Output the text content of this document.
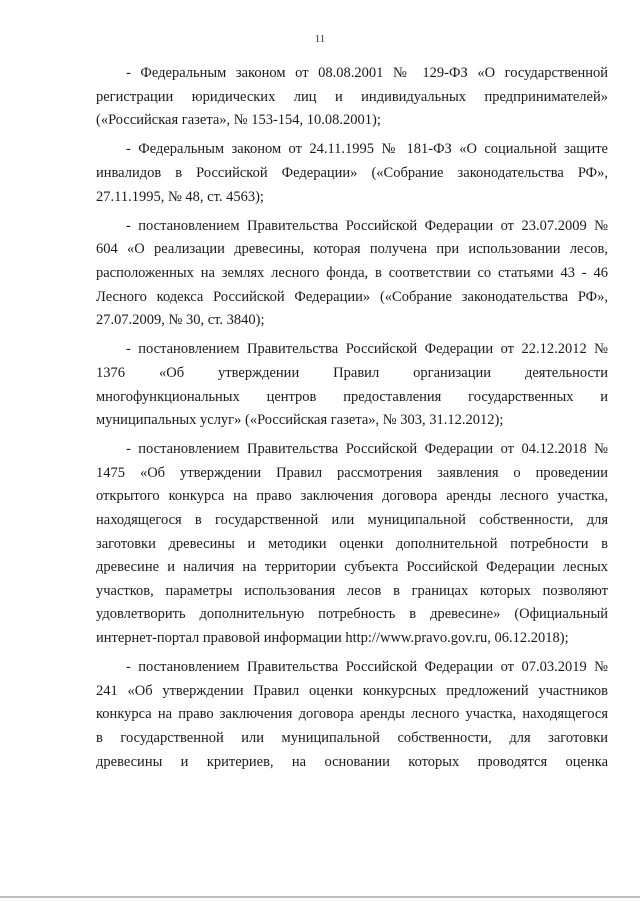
11
- Федеральным законом от 08.08.2001 № 129-ФЗ «О государственной
регистрации юридических лиц и индивидуальных предпринимателей»
(«Российская газета», № 153-154, 10.08.2001);
- Федеральным законом от 24.11.1995 № 181-ФЗ «О социальной защите
инвалидов в Российской Федерации» («Собрание законодательства РФ»,
27.11.1995, № 48, ст. 4563);
- постановлением Правительства Российской Федерации от 23.07.2009 №
604 «О реализации древесины, которая получена при использовании лесов,
расположенных на землях лесного фонда, в соответствии со статьями 43 - 46
Лесного кодекса Российской Федерации» («Собрание законодательства РФ»,
27.07.2009, № 30, ст. 3840);
- постановлением Правительства Российской Федерации от 22.12.2012 №
1376 «Об утверждении Правил организации деятельности
многофункциональных центров предоставления государственных и
муниципальных услуг» («Российская газета», № 303, 31.12.2012);
- постановлением Правительства Российской Федерации от 04.12.2018 №
1475 «Об утверждении Правил рассмотрения заявления о проведении
открытого конкурса на право заключения договора аренды лесного участка,
находящегося в государственной или муниципальной собственности, для
заготовки древесины и методики оценки дополнительной потребности в
древесине и наличия на территории субъекта Российской Федерации лесных
участков, параметры использования лесов в границах которых позволяют
удовлетворить дополнительную потребность в древесине» (Официальный
интернет-портал правовой информации http://www.pravo.gov.ru, 06.12.2018);
- постановлением Правительства Российской Федерации от 07.03.2019 №
241 «Об утверждении Правил оценки конкурсных предложений участников
конкурса на право заключения договора аренды лесного участка, находящегося
в государственной или муниципальной собственности, для заготовки
древесины и критериев, на основании которых проводятся оценка
